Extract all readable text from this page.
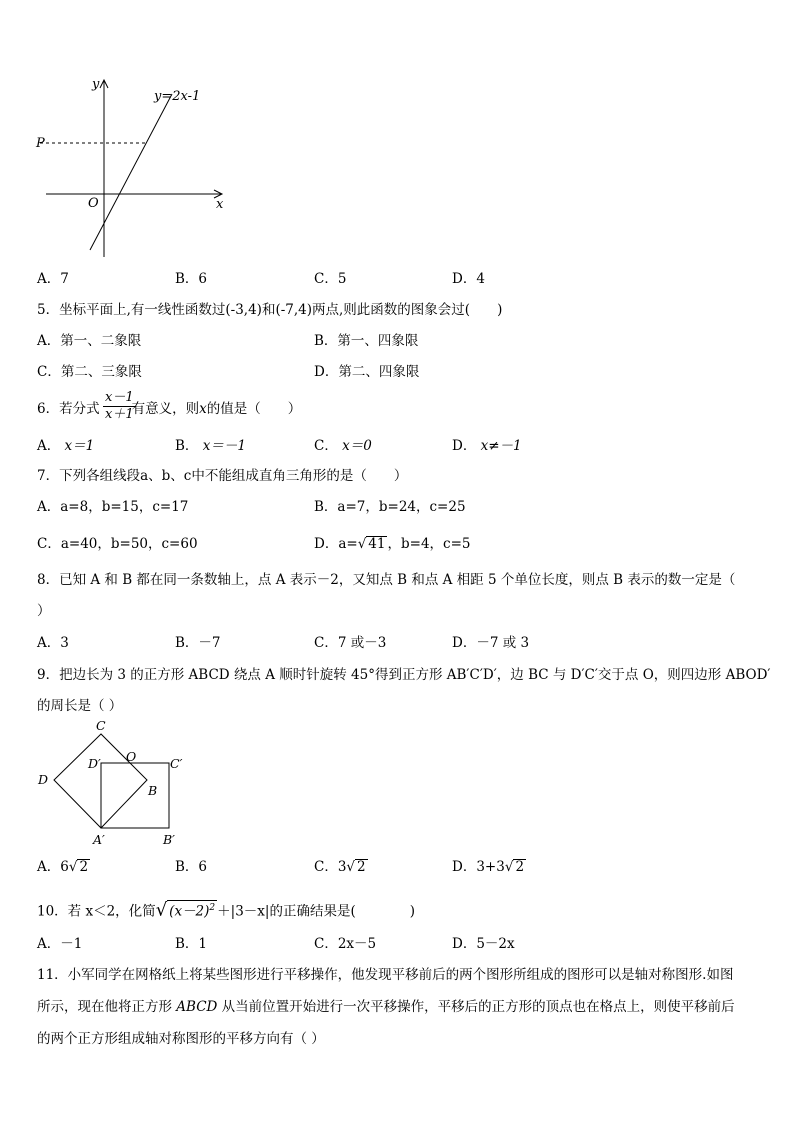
y
x
O
P
y=2x-1
A．7	B．6	C．5	D．4
5．坐标平面上,有一线性函数过(-3,4)和(-7,4)两点,则此函数的图象会过(　　)
A．第一、二象限	B．第一、四象限
C．第二、三象限	D．第二、四象限
6．若分式 有意义，则x的值是（　　）
$\frac{x-1}{x+1}$
A． x＝1	B． x＝－1	C． x＝0	D． x≠－1
7．下列各组线段a、b、c中不能组成直角三角形的是（　　）
A．a=8，b=15，c=17	B．a=7，b=24，c=25
C．a=40，b=50，c=60	D．a=√ 41 ，b=4，c=5
8．已知 A 和 B 都在同一条数轴上，点 A 表示－2，又知点 B 和点 A 相距 5 个单位长度，则点 B 表示的数一定是（
）
A．3	B．－7	C．7 或－3	D．－7 或 3
9．把边长为 3 的正方形 ABCD 绕点 A 顺时针旋转 45°得到正方形 AB′C′D′，边 BC 与 D′C′交于点 O，则四边形 ABOD′
的周长是（ ）
C
D′ O	C′
D
B
A′	B′
A．6√ 2	B．6	C．3√ 2	D．3+3√ 2
10．若 x＜2，化简√ $(x-2)^2 +|3-x|$的正确结果是(　　　　)
A．－1	B．1	C．2x－5	D．5－2x
11．小军同学在网格纸上将某些图形进行平移操作，他发现平移前后的两个图形所组成的图形可以是轴对称图形.如图
所示，现在他将正方形 ABCD 从当前位置开始进行一次平移操作，平移后的正方形的顶点也在格点上，则使平移前后
的两个正方形组成轴对称图形的平移方向有（ ）
